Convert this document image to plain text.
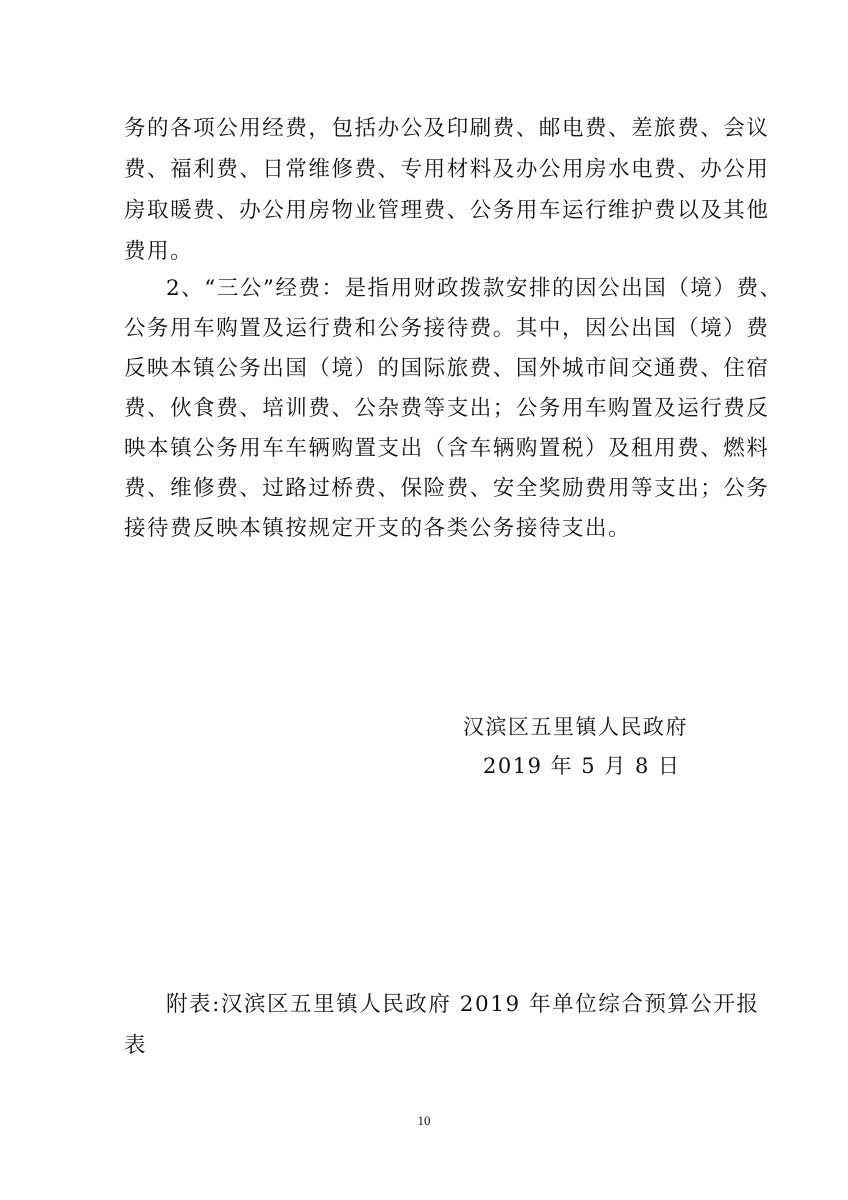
务的各项公用经费，包括办公及印刷费、邮电费、差旅费、会议

费、福利费、日常维修费、专用材料及办公用房水电费、办公用

房取暖费、办公用房物业管理费、公务用车运行维护费以及其他

费用。

2、“三公”经费：是指用财政拨款安排的因公出国（境）费、

公务用车购置及运行费和公务接待费。其中，因公出国（境）费

反映本镇公务出国（境）的国际旅费、国外城市间交通费、住宿

费、伙食费、培训费、公杂费等支出；公务用车购置及运行费反

映本镇公务用车车辆购置支出（含车辆购置税）及租用费、燃料

费、维修费、过路过桥费、保险费、安全奖励费用等支出；公务

接待费反映本镇按规定开支的各类公务接待支出。

汉滨区五里镇人民政府

2019 年 5 月 8 日

附表:汉滨区五里镇人民政府 2019 年单位综合预算公开报

表

10
